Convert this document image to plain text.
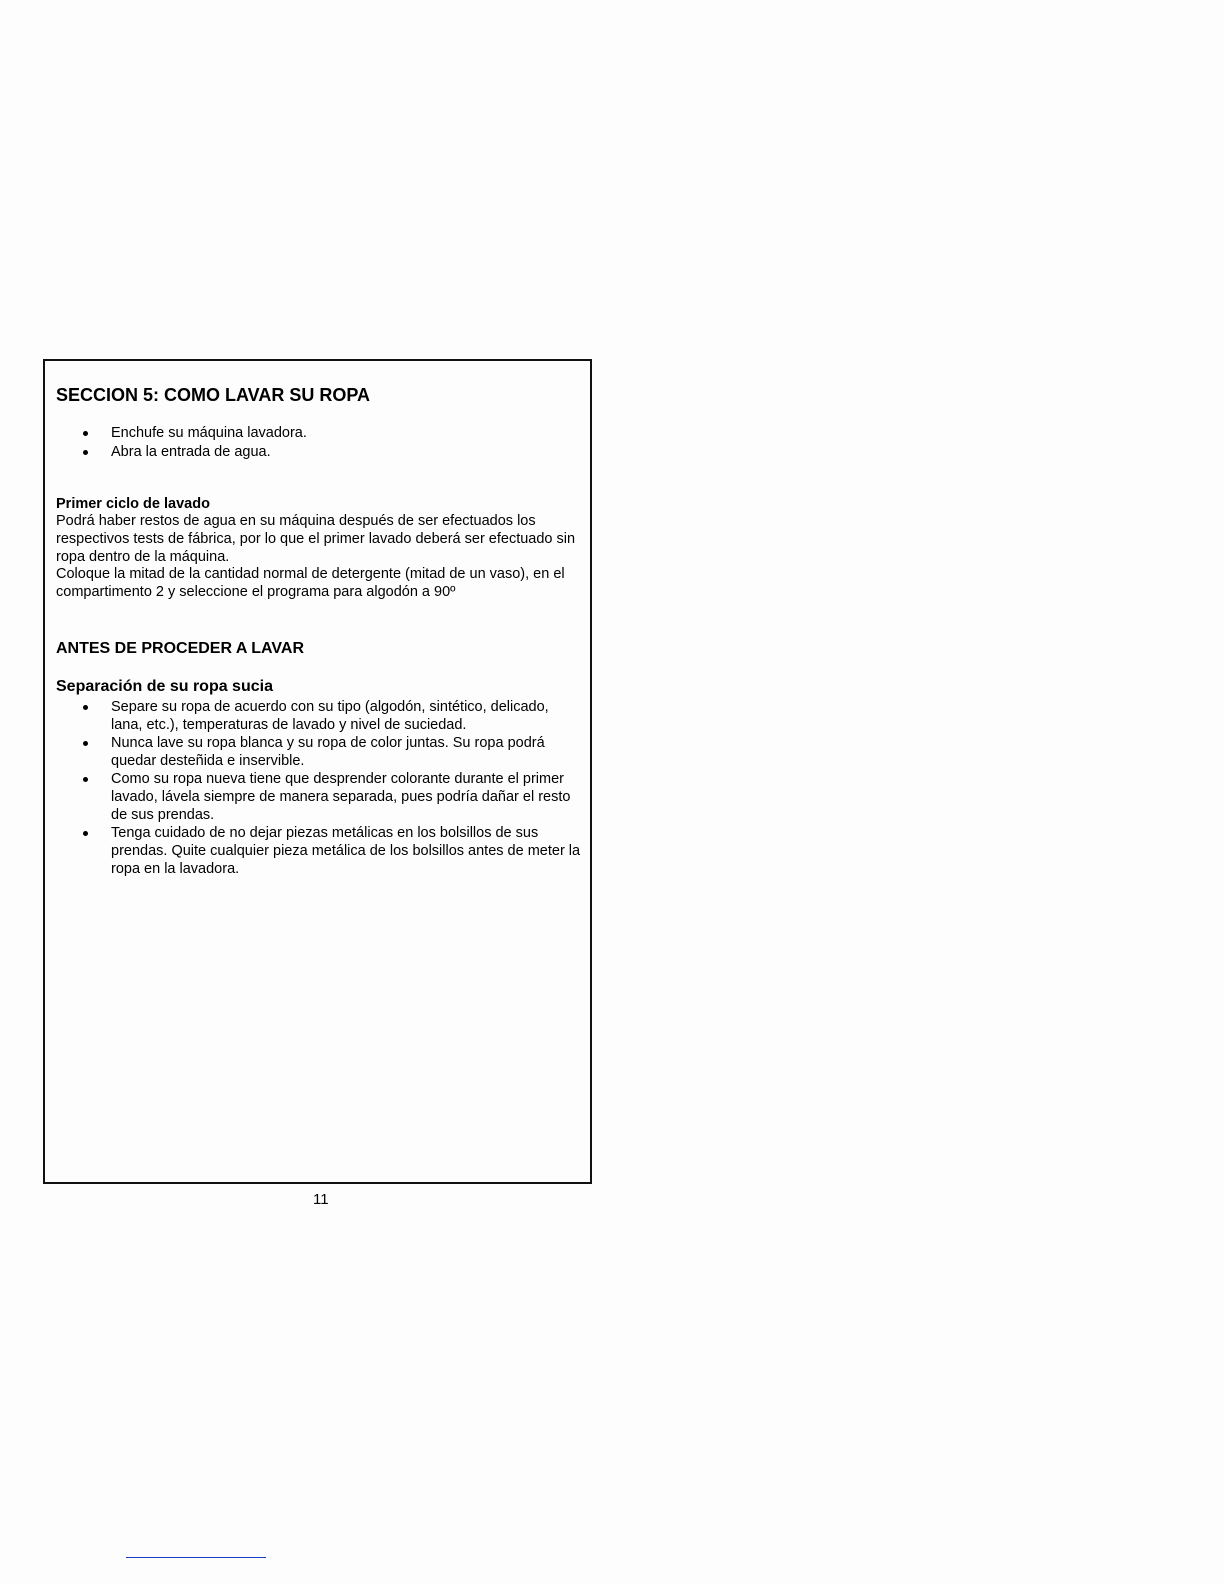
SECCION 5: COMO LAVAR SU ROPA
Enchufe su máquina lavadora.
Abra la entrada de agua.
Primer ciclo de lavado

Podrá haber restos de agua en su máquina después de ser efectuados los respectivos tests de fábrica, por lo que el primer lavado deberá ser efectuado sin ropa dentro de la máquina.

Coloque la mitad de la cantidad normal de detergente (mitad de un vaso), en el compartimento 2 y seleccione el programa para algodón a 90º

ANTES DE PROCEDER A LAVAR
Separación de su ropa sucia
Separe su ropa de acuerdo con su tipo (algodón, sintético, delicado, lana, etc.), temperaturas de lavado y nivel de suciedad.
Nunca lave su ropa blanca y su ropa de color juntas. Su ropa podrá quedar desteñida e inservible.
Como su ropa nueva tiene que desprender colorante durante el primer lavado, lávela siempre de manera separada, pues podría dañar el resto de sus prendas.
Tenga cuidado de no dejar piezas metálicas en los bolsillos de sus prendas. Quite cualquier pieza metálica de los bolsillos antes de meter la ropa en la lavadora.

11
